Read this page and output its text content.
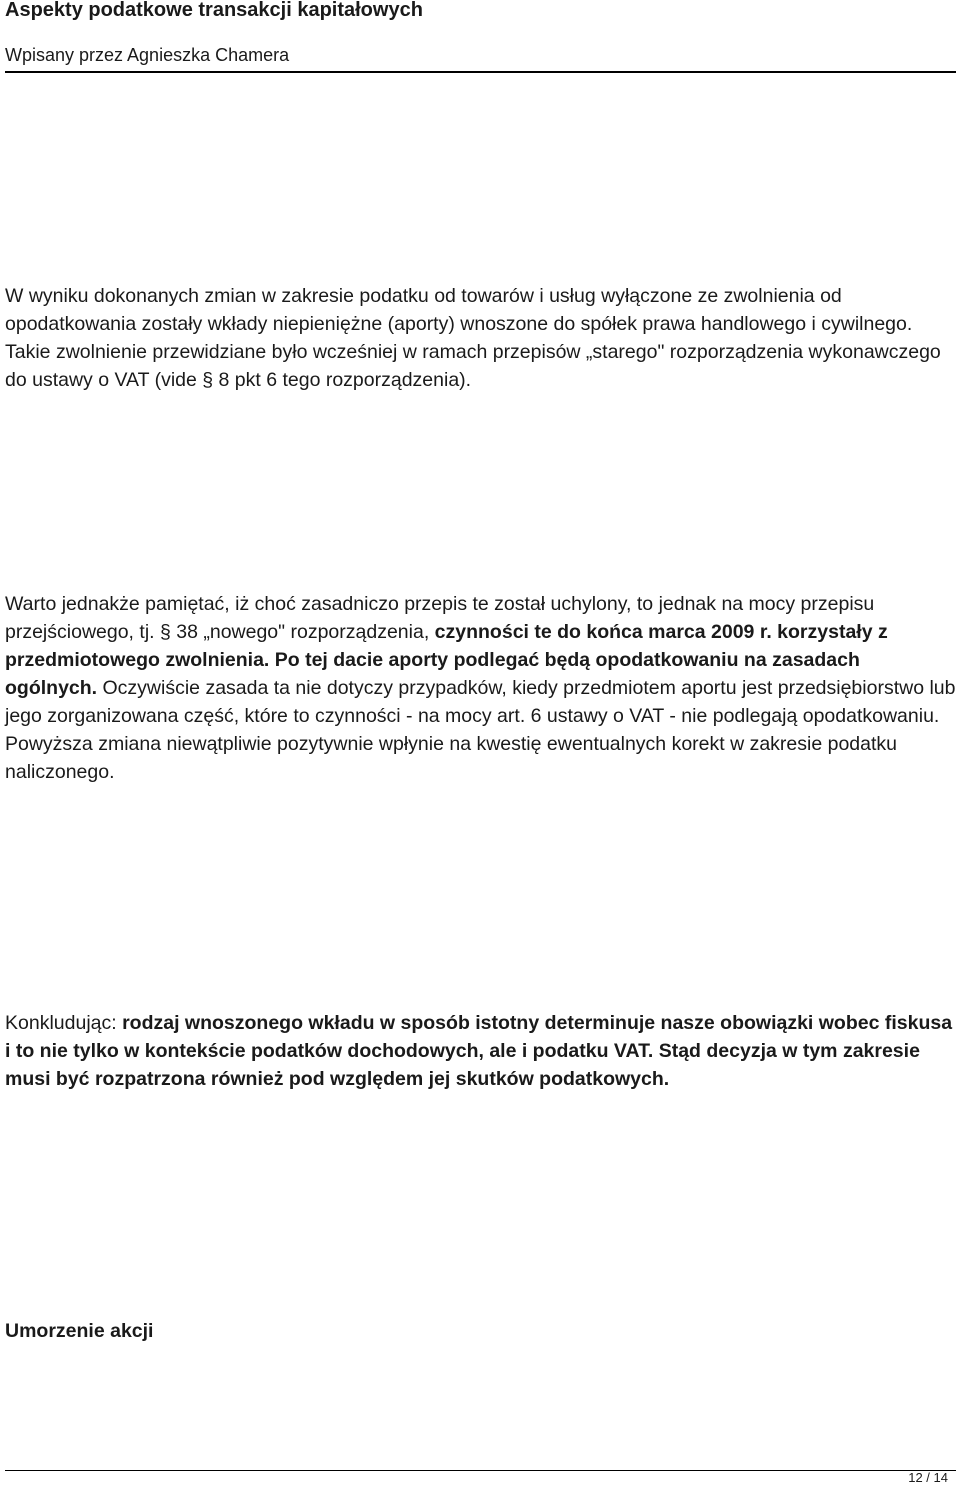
Aspekty podatkowe transakcji kapitałowych
Wpisany przez Agnieszka Chamera

W wyniku dokonanych zmian w zakresie podatku od towarów i usług wyłączone ze zwolnienia od opodatkowania zostały wkłady niepieniężne (aporty) wnoszone do spółek prawa handlowego i cywilnego. Takie zwolnienie przewidziane było wcześniej w ramach przepisów „starego" rozporządzenia wykonawczego do ustawy o VAT (vide § 8 pkt 6 tego rozporządzenia).

Warto jednakże pamiętać, iż choć zasadniczo przepis te został uchylony, to jednak na mocy przepisu przejściowego, tj. § 38 „nowego" rozporządzenia, czynności te do końca marca 2009 r. korzystały z przedmiotowego zwolnienia. Po tej dacie aporty podlegać będą opodatkowaniu na zasadach ogólnych. Oczywiście zasada ta nie dotyczy przypadków, kiedy przedmiotem aportu jest przedsiębiorstwo lub jego zorganizowana część, które to czynności - na mocy art. 6 ustawy o VAT - nie podlegają opodatkowaniu. Powyższa zmiana niewątpliwie pozytywnie wpłynie na kwestię ewentualnych korekt w zakresie podatku naliczonego.

Konkludując: rodzaj wnoszonego wkładu w sposób istotny determinuje nasze obowiązki wobec fiskusa i to nie tylko w kontekście podatków dochodowych, ale i podatku VAT. Stąd decyzja w tym zakresie musi być rozpatrzona również pod względem jej skutków podatkowych.

Umorzenie akcji

12 / 14
